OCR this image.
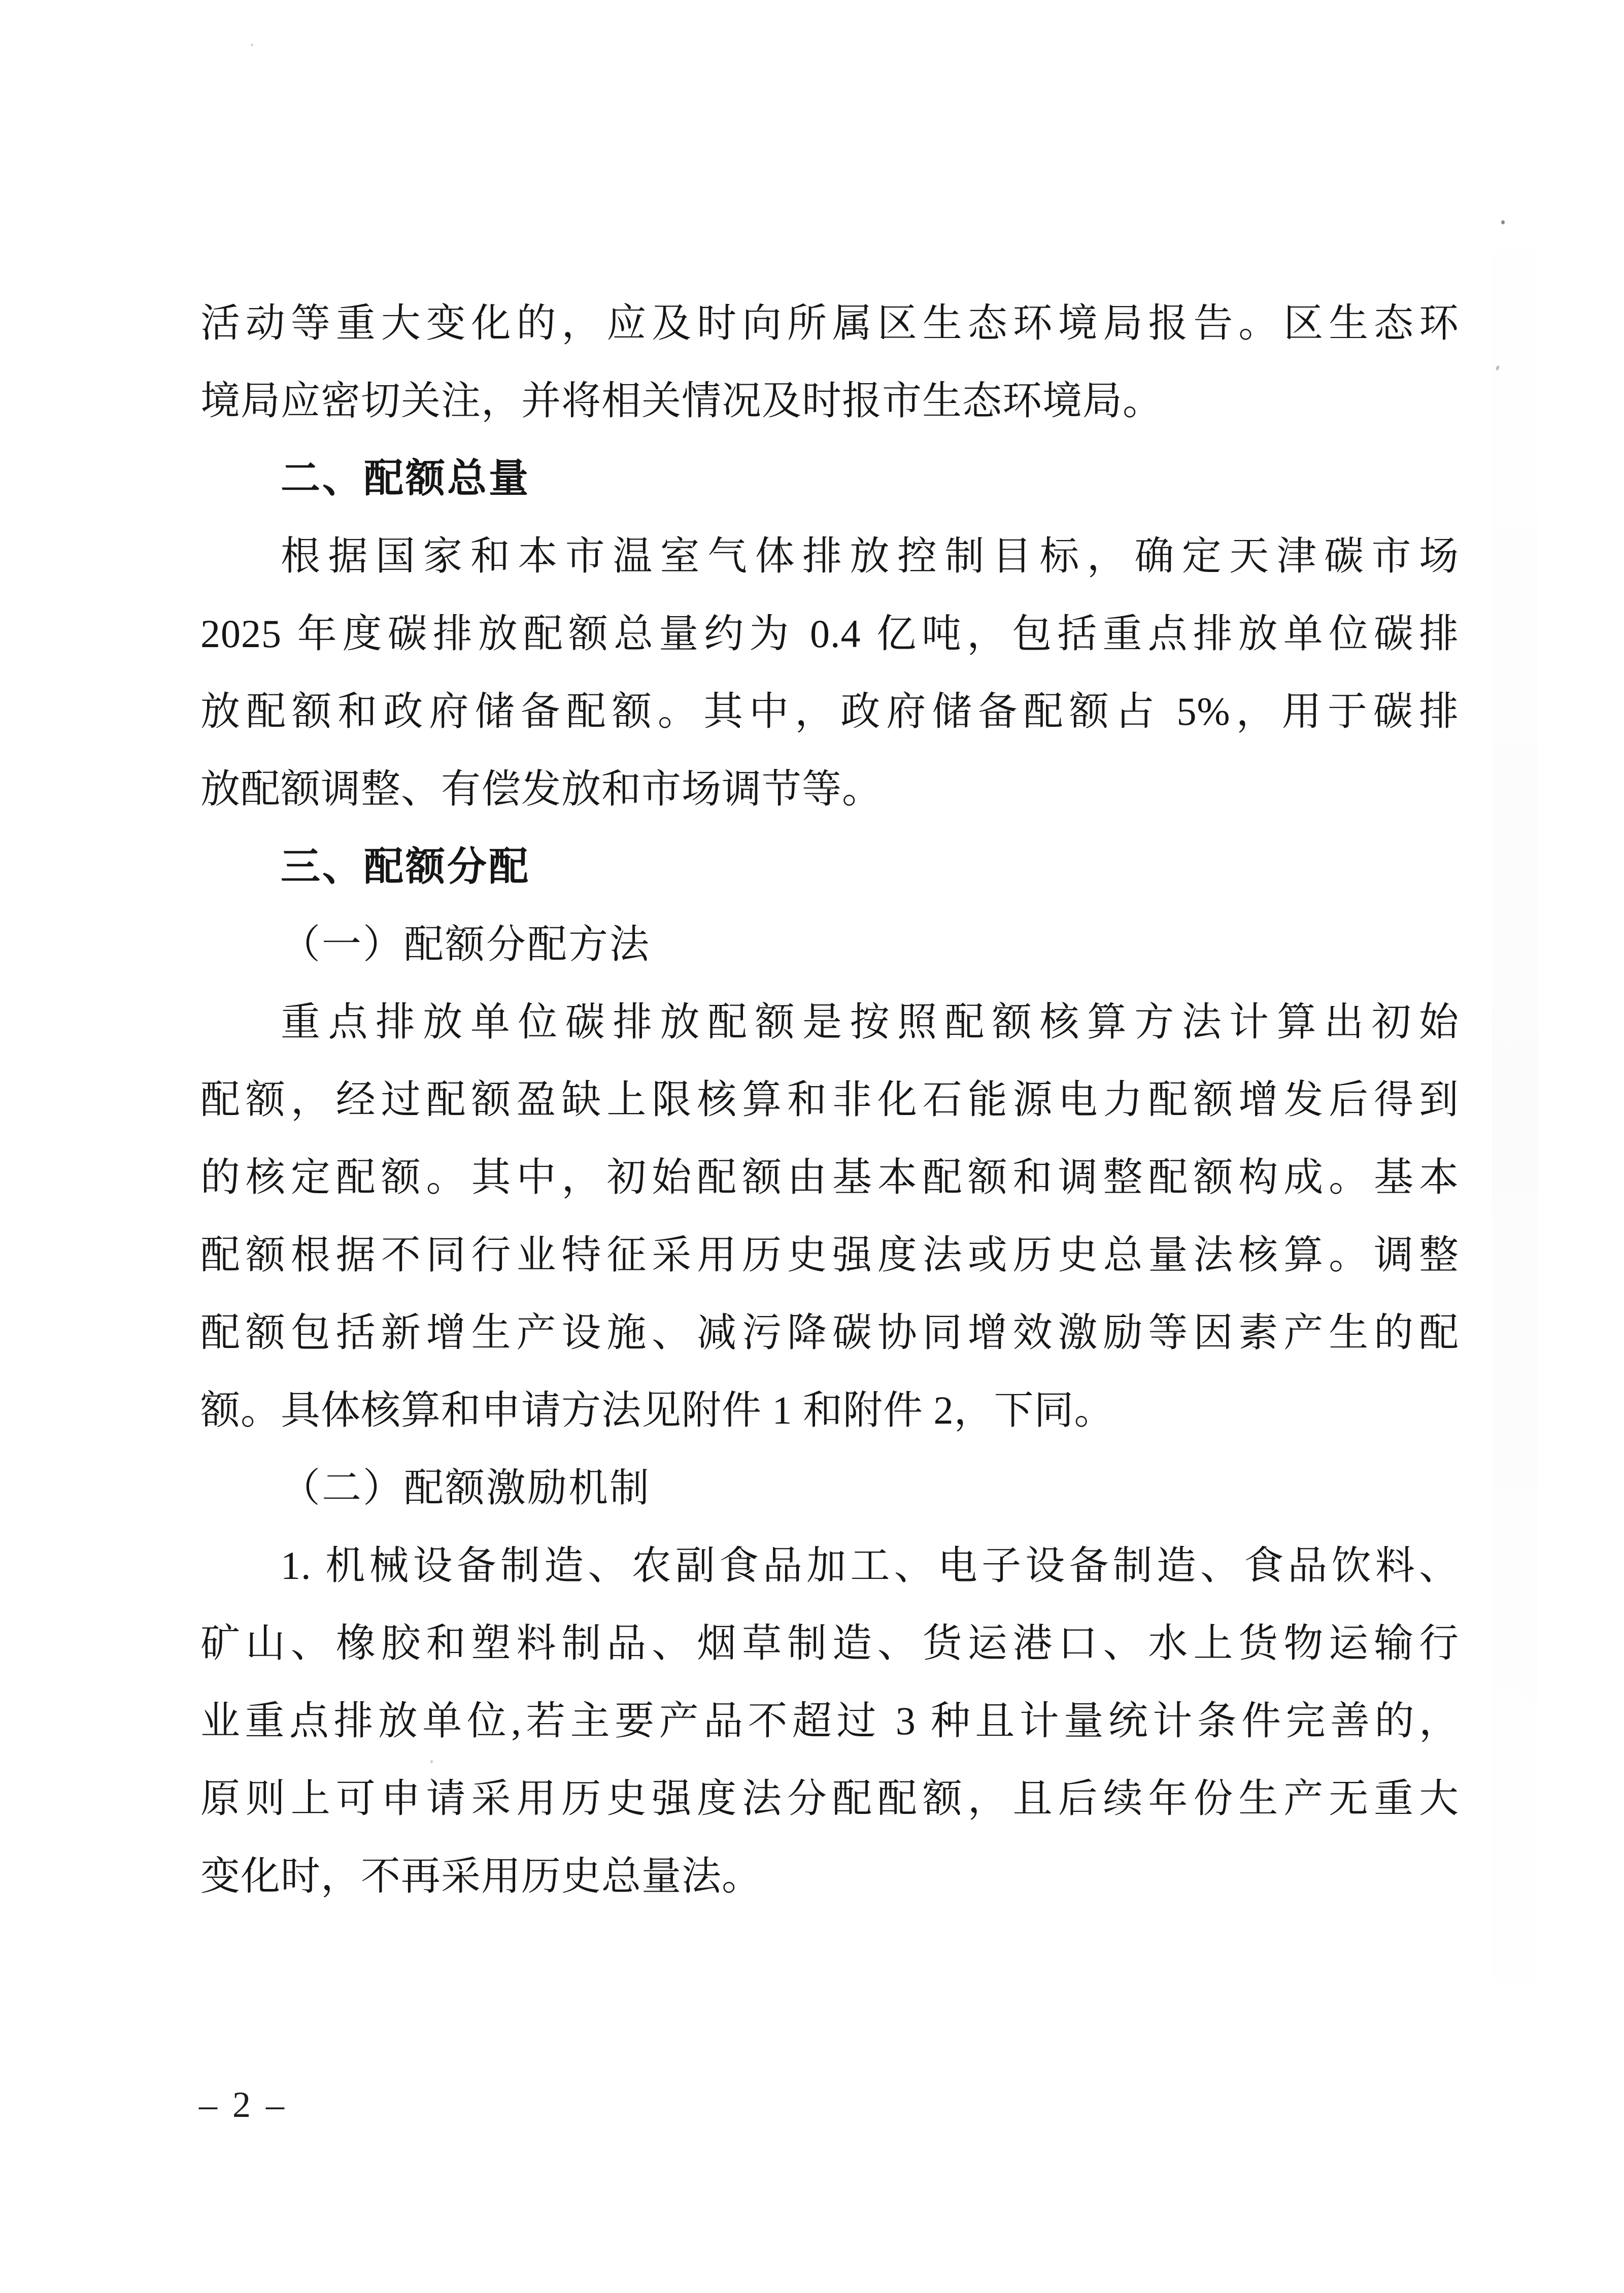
活动等重大变化的，应及时向所属区生态环境局报告。区生态环
境局应密切关注，并将相关情况及时报市生态环境局。
二、配额总量
根据国家和本市温室气体排放控制目标，确定天津碳市场
2025 年度碳排放配额总量约为 0.4 亿吨，包括重点排放单位碳排
放配额和政府储备配额。其中，政府储备配额占 5%，用于碳排
放配额调整、有偿发放和市场调节等。
三、配额分配
（一）配额分配方法
重点排放单位碳排放配额是按照配额核算方法计算出初始
配额，经过配额盈缺上限核算和非化石能源电力配额增发后得到
的核定配额。其中，初始配额由基本配额和调整配额构成。基本
配额根据不同行业特征采用历史强度法或历史总量法核算。调整
配额包括新增生产设施、减污降碳协同增效激励等因素产生的配
额。具体核算和申请方法见附件 1 和附件 2，下同。
（二）配额激励机制
1. 机械设备制造、农副食品加工、电子设备制造、食品饮料、
矿山、橡胶和塑料制品、烟草制造、货运港口、水上货物运输行
业重点排放单位,若主要产品不超过 3 种且计量统计条件完善的，
原则上可申请采用历史强度法分配配额，且后续年份生产无重大
变化时，不再采用历史总量法。
– 2 –
